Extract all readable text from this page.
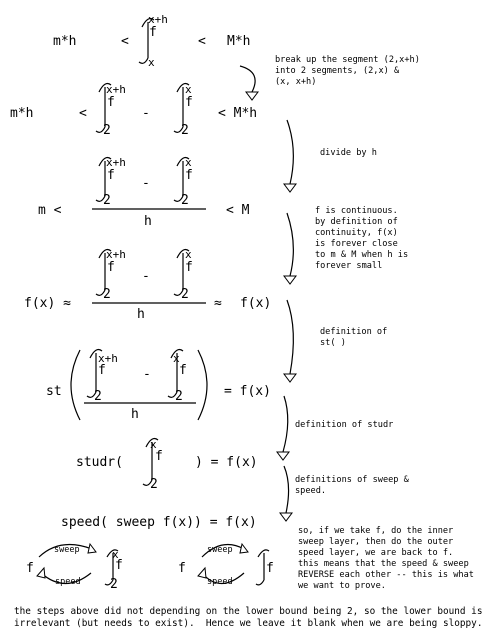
m*h	<
x+h
f
x
< M*h
m*h	<
x+h
f
2
-
x
f
2
< M*h
m <
x+h
f
2
-
x
f
2
h
< M
f(x) ≈
x+h
f
2
-
x
f
2
h
≈ f(x)
st
x+h
f
2
-
x
f
2
h
= f(x)
studr(
x
f
2
) = f(x)
speed( sweep f(x)) = f(x)
f
sweep
speed
x
f
2
f
sweep
speed
f
break up the segment (2,x+h)
into 2 segments, (2,x) &
(x, x+h)
divide by h
f is continuous.
by definition of
continuity, f(x)
is forever close
to m & M when h is
forever small
definition of
st( )
definition of studr
definitions of sweep &
speed.
so, if we take f, do the inner
sweep layer, then do the outer
speed layer, we are back to f.
this means that the speed & sweep
REVERSE each other -- this is what
we want to prove.
the steps above did not depending on the lower bound being 2, so the lower bound is
irrelevant (but needs to exist).  Hence we leave it blank when we are being sloppy.
